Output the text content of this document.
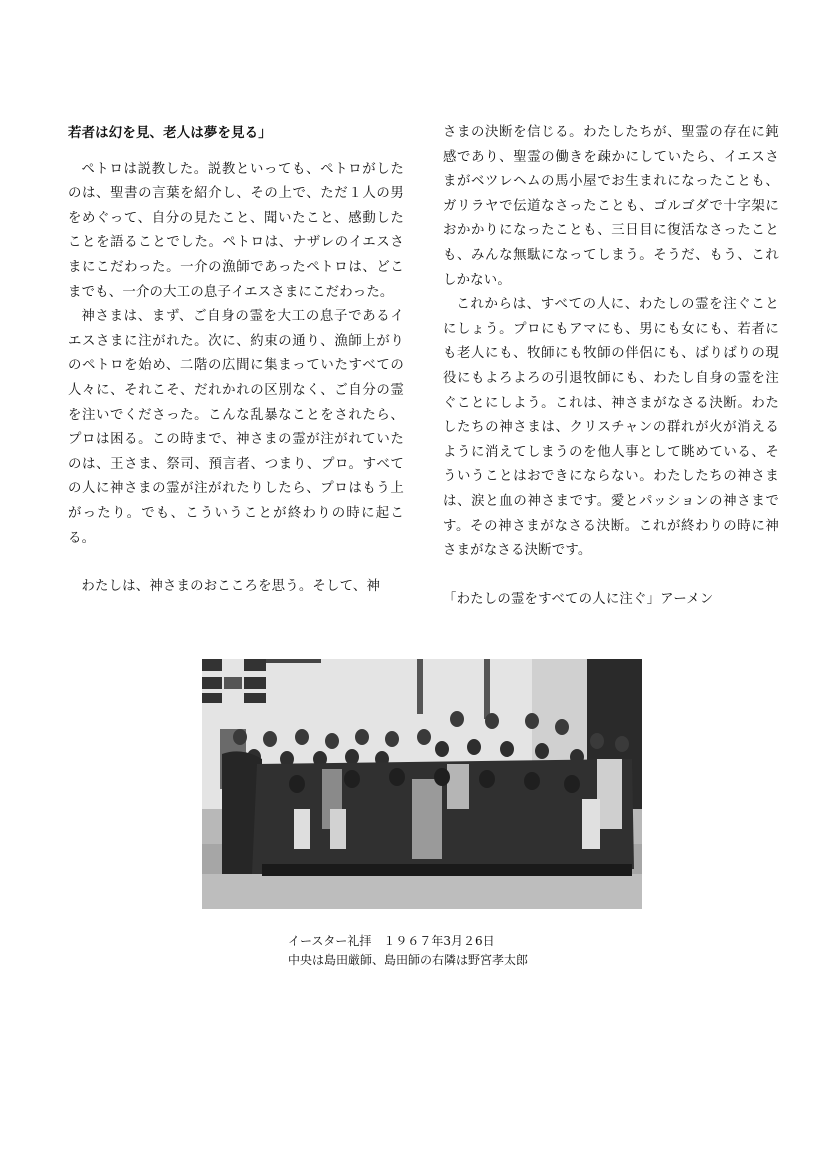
若者は幻を見、老人は夢を見る」

ペトロは説教した。説教といっても、ペトロがしたのは、聖書の言葉を紹介し、その上で、ただ１人の男をめぐって、自分の見たこと、聞いたこと、感動したことを語ることでした。ペトロは、ナザレのイエスさまにこだわった。一介の漁師であったペトロは、どこまでも、一介の大工の息子イエスさまにこだわった。

神さまは、まず、ご自身の霊を大工の息子であるイエスさまに注がれた。次に、約束の通り、漁師上がりのペトロを始め、二階の広間に集まっていたすべての人々に、それこそ、だれかれの区別なく、ご自分の霊を注いでくださった。こんな乱暴なことをされたら、プロは困る。この時まで、神さまの霊が注がれていたのは、王さま、祭司、預言者、つまり、プロ。すべての人に神さまの霊が注がれたりしたら、プロはもう上がったり。でも、こういうことが終わりの時に起こる。

わたしは、神さまのおこころを思う。そして、神

さまの決断を信じる。わたしたちが、聖霊の存在に鈍感であり、聖霊の働きを疎かにしていたら、イエスさまがベツレヘムの馬小屋でお生まれになったことも、ガリラヤで伝道なさったことも、ゴルゴダで十字架におかかりになったことも、三日目に復活なさったことも、みんな無駄になってしまう。そうだ、もう、これしかない。

これからは、すべての人に、わたしの霊を注ぐことにしょう。プロにもアマにも、男にも女にも、若者にも老人にも、牧師にも牧師の伴侶にも、ばりばりの現役にもよろよろの引退牧師にも、わたし自身の霊を注ぐことにしよう。これは、神さまがなさる決断。わたしたちの神さまは、クリスチャンの群れが火が消えるように消えてしまうのを他人事として眺めている、そういうことはおできにならない。わたしたちの神さまは、涙と血の神さまです。愛とパッションの神さまです。その神さまがなさる決断。これが終わりの時に神さまがなさる決断です。

「わたしの霊をすべての人に注ぐ」アーメン

イースター礼拝　１９６７年3月２6日
中央は島田厳師、島田師の右隣は野宮孝太郎
